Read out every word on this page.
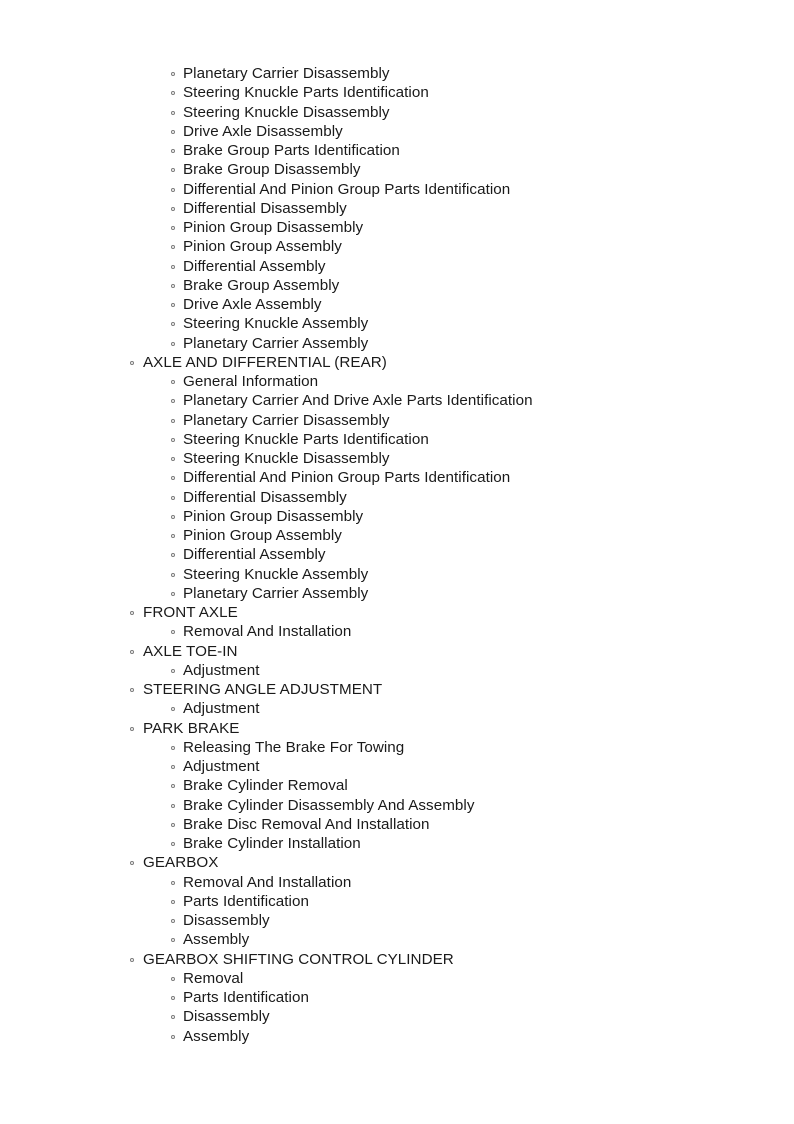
Planetary Carrier Disassembly
Steering Knuckle Parts Identification
Steering Knuckle Disassembly
Drive Axle Disassembly
Brake Group Parts Identification
Brake Group Disassembly
Differential And Pinion Group Parts Identification
Differential Disassembly
Pinion Group Disassembly
Pinion Group Assembly
Differential Assembly
Brake Group Assembly
Drive Axle Assembly
Steering Knuckle Assembly
Planetary Carrier Assembly
AXLE AND DIFFERENTIAL (REAR)
General Information
Planetary Carrier And Drive Axle Parts Identification
Planetary Carrier Disassembly
Steering Knuckle Parts Identification
Steering Knuckle Disassembly
Differential And Pinion Group Parts Identification
Differential Disassembly
Pinion Group Disassembly
Pinion Group Assembly
Differential Assembly
Steering Knuckle Assembly
Planetary Carrier Assembly
FRONT AXLE
Removal And Installation
AXLE TOE-IN
Adjustment
STEERING ANGLE ADJUSTMENT
Adjustment
PARK BRAKE
Releasing The Brake For Towing
Adjustment
Brake Cylinder Removal
Brake Cylinder Disassembly And Assembly
Brake Disc Removal And Installation
Brake Cylinder Installation
GEARBOX
Removal And Installation
Parts Identification
Disassembly
Assembly
GEARBOX SHIFTING CONTROL CYLINDER
Removal
Parts Identification
Disassembly
Assembly
